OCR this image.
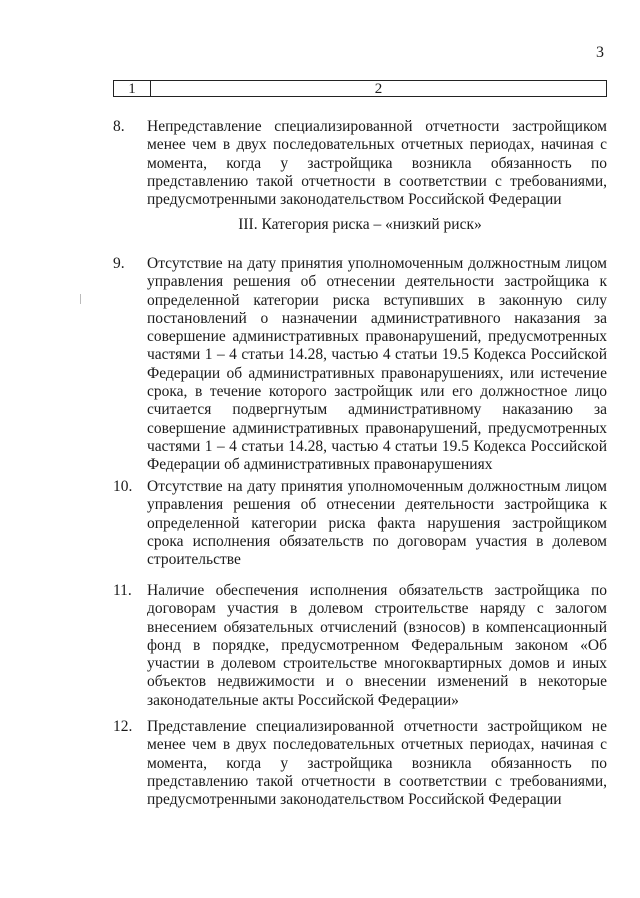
3
1	2
8.	Непредставление специализированной отчетности застройщиком менее чем в двух последовательных отчетных периодах, начиная с момента, когда у застройщика возникла обязанность по представлению такой отчетности в соответствии с требованиями, предусмотренными законодательством Российской Федерации
III. Категория риска – «низкий риск»
9.	Отсутствие на дату принятия уполномоченным должностным лицом управления решения об отнесении деятельности застройщика к определенной категории риска вступивших в законную силу постановлений о назначении административного наказания за совершение административных правонарушений, предусмотренных частями 1 – 4 статьи 14.28, частью 4 статьи 19.5 Кодекса Российской Федерации об административных правонарушениях, или истечение срока, в течение которого застройщик или его должностное лицо считается подвергнутым административному наказанию за совершение административных правонарушений, предусмотренных частями 1 – 4 статьи 14.28, частью 4 статьи 19.5 Кодекса Российской Федерации об административных правонарушениях
10. Отсутствие на дату принятия уполномоченным должностным лицом управления решения об отнесении деятельности застройщика к определенной категории риска факта нарушения застройщиком срока исполнения обязательств по договорам участия в долевом строительстве
11. Наличие обеспечения исполнения обязательств застройщика по договорам участия в долевом строительстве наряду с залогом внесением обязательных отчислений (взносов) в компенсационный фонд в порядке, предусмотренном Федеральным законом «Об участии в долевом строительстве многоквартирных домов и иных объектов недвижимости и о внесении изменений в некоторые законодательные акты Российской Федерации»
12. Представление специализированной отчетности застройщиком не менее чем в двух последовательных отчетных периодах, начиная с момента, когда у застройщика возникла обязанность по представлению такой отчетности в соответствии с требованиями, предусмотренными законодательством Российской Федерации
